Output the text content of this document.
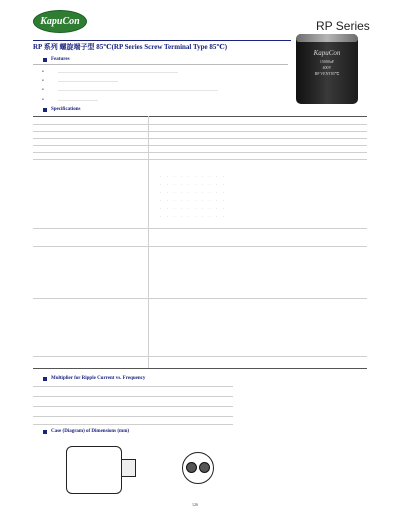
KapuCon	RP Series
RP 系列 螺旋端子型 85℃(RP Series Screw Terminal Type 85℃)
KapuCon
15000uF
400V
RP VENT85℃
Features
●
●
●
●
Specifications
··········
··········
··········
··········
··········
··········
Multiplier for Ripple Current vs. Frequency
Case (Diagram) of Dimensions (mm)
126
